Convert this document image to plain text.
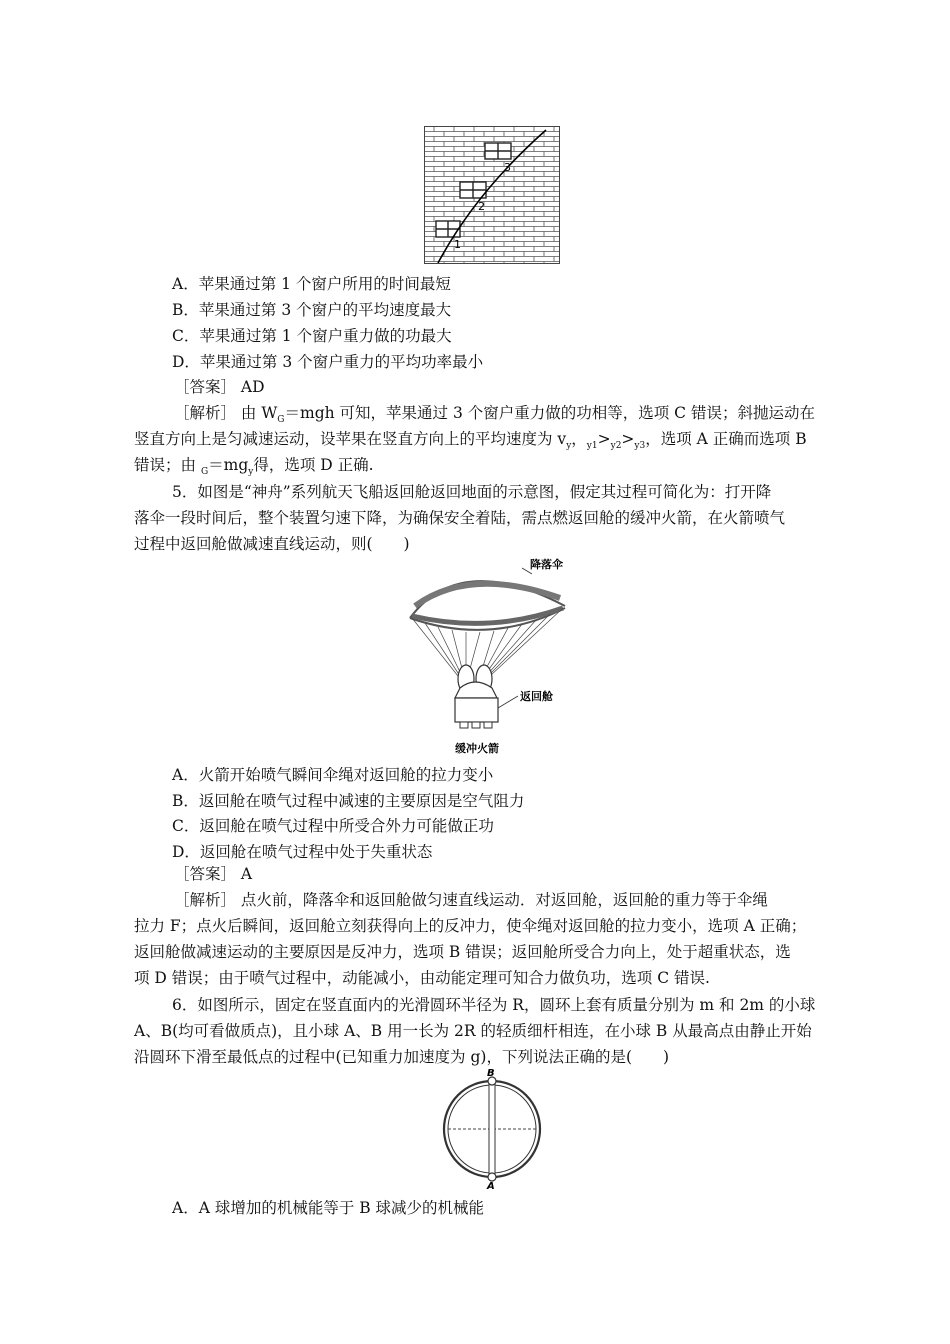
1
2
3
A．苹果通过第 1 个窗户所用的时间最短
B．苹果通过第 3 个窗户的平均速度最大
C．苹果通过第 1 个窗户重力做的功最大
D．苹果通过第 3 个窗户重力的平均功率最小
［答案］ AD
［解析］ 由 $W_G=mgh$ 可知，苹果通过 3 个窗户重力做的功相等，选项 C 错误；斜抛运动在
竖直方向上是匀减速运动，设苹果在竖直方向上的平均速度为 $v_y$，$_{y1}>_{y2}>_{y3}$，选项 A 正确而选项 B
错误；由 $_G=mg_y$得，选项 D 正确.
5．如图是“神舟”系列航天飞船返回舱返回地面的示意图，假定其过程可简化为：打开降
落伞一段时间后，整个装置匀速下降，为确保安全着陆，需点燃返回舱的缓冲火箭，在火箭喷气
过程中返回舱做减速直线运动，则(　　)
降落伞
返回舱
缓冲火箭
A．火箭开始喷气瞬间伞绳对返回舱的拉力变小
B．返回舱在喷气过程中减速的主要原因是空气阻力
C．返回舱在喷气过程中所受合外力可能做正功
D．返回舱在喷气过程中处于失重状态
［答案］ A
［解析］ 点火前，降落伞和返回舱做匀速直线运动．对返回舱，返回舱的重力等于伞绳
拉力 F；点火后瞬间，返回舱立刻获得向上的反冲力，使伞绳对返回舱的拉力变小，选项 A 正确；
返回舱做减速运动的主要原因是反冲力，选项 B 错误；返回舱所受合力向上，处于超重状态，选
项 D 错误；由于喷气过程中，动能减小，由动能定理可知合力做负功，选项 C 错误.
6．如图所示，固定在竖直面内的光滑圆环半径为 R，圆环上套有质量分别为 m 和 2m 的小球
A、B(均可看做质点)，且小球 A、B 用一长为 2R 的轻质细杆相连，在小球 B 从最高点由静止开始
沿圆环下滑至最低点的过程中(已知重力加速度为 g)，下列说法正确的是(　　)
B
A
A．A 球增加的机械能等于 B 球减少的机械能
